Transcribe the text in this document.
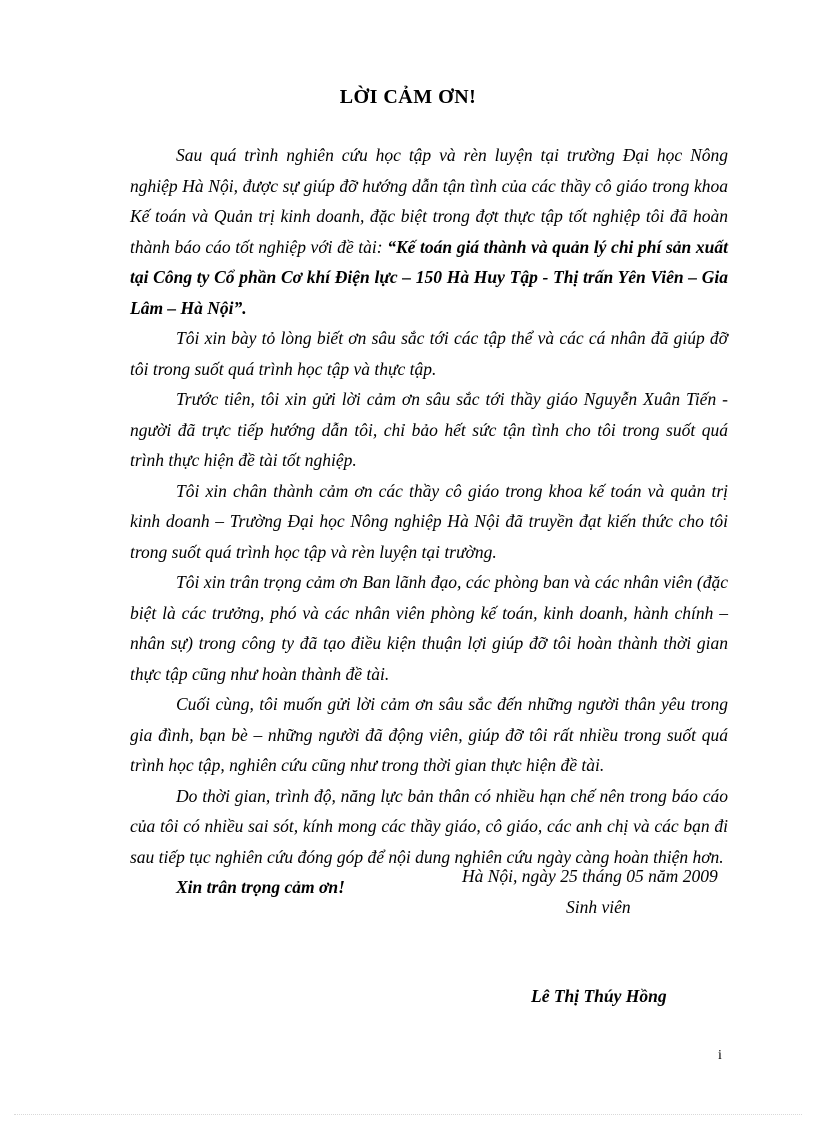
LỜI CẢM ƠN!

Sau quá trình nghiên cứu học tập và rèn luyện tại trường Đại học Nông nghiệp Hà Nội, được sự giúp đỡ hướng dẫn tận tình của các thầy cô giáo trong khoa Kế toán và Quản trị kinh doanh, đặc biệt trong đợt thực tập tốt nghiệp tôi đã hoàn thành báo cáo tốt nghiệp với đề tài: “Kế toán giá thành và quản lý chi phí sản xuất tại Công ty Cổ phần Cơ khí Điện lực – 150 Hà Huy Tập - Thị trấn Yên Viên – Gia Lâm – Hà Nội”.

Tôi xin bày tỏ lòng biết ơn sâu sắc tới các tập thể và các cá nhân đã giúp đỡ tôi trong suốt quá trình học tập và thực tập.

Trước tiên, tôi xin gửi lời cảm ơn sâu sắc tới thầy giáo Nguyễn Xuân Tiến - người đã trực tiếp hướng dẫn tôi, chỉ bảo hết sức tận tình cho tôi trong suốt quá trình thực hiện đề tài tốt nghiệp.

Tôi xin chân thành cảm ơn các thầy cô giáo trong khoa kế toán và quản trị kinh doanh – Trường Đại học Nông nghiệp Hà Nội đã truyền đạt kiến thức cho tôi trong suốt quá trình học tập và rèn luyện tại trường.

Tôi xin trân trọng cảm ơn Ban lãnh đạo, các phòng ban và các nhân viên (đặc biệt là các trưởng, phó và các nhân viên phòng kế toán, kinh doanh, hành chính – nhân sự) trong công ty đã tạo điều kiện thuận lợi giúp đỡ tôi hoàn thành thời gian thực tập cũng như hoàn thành đề tài.

Cuối cùng, tôi muốn gửi lời cảm ơn sâu sắc đến những người thân yêu trong gia đình, bạn bè – những người đã động viên, giúp đỡ tôi rất nhiều trong suốt quá trình học tập, nghiên cứu cũng như trong thời gian thực hiện đề tài.

Do thời gian, trình độ, năng lực bản thân có nhiều hạn chế nên trong báo cáo của tôi có nhiều sai sót, kính mong các thầy giáo, cô giáo, các anh chị và các bạn đi sau tiếp tục nghiên cứu đóng góp để nội dung nghiên cứu ngày càng hoàn thiện hơn.

Xin trân trọng cảm ơn!

Hà Nội, ngày 25 tháng 05 năm 2009
Sinh viên
Lê Thị Thúy Hồng
i
